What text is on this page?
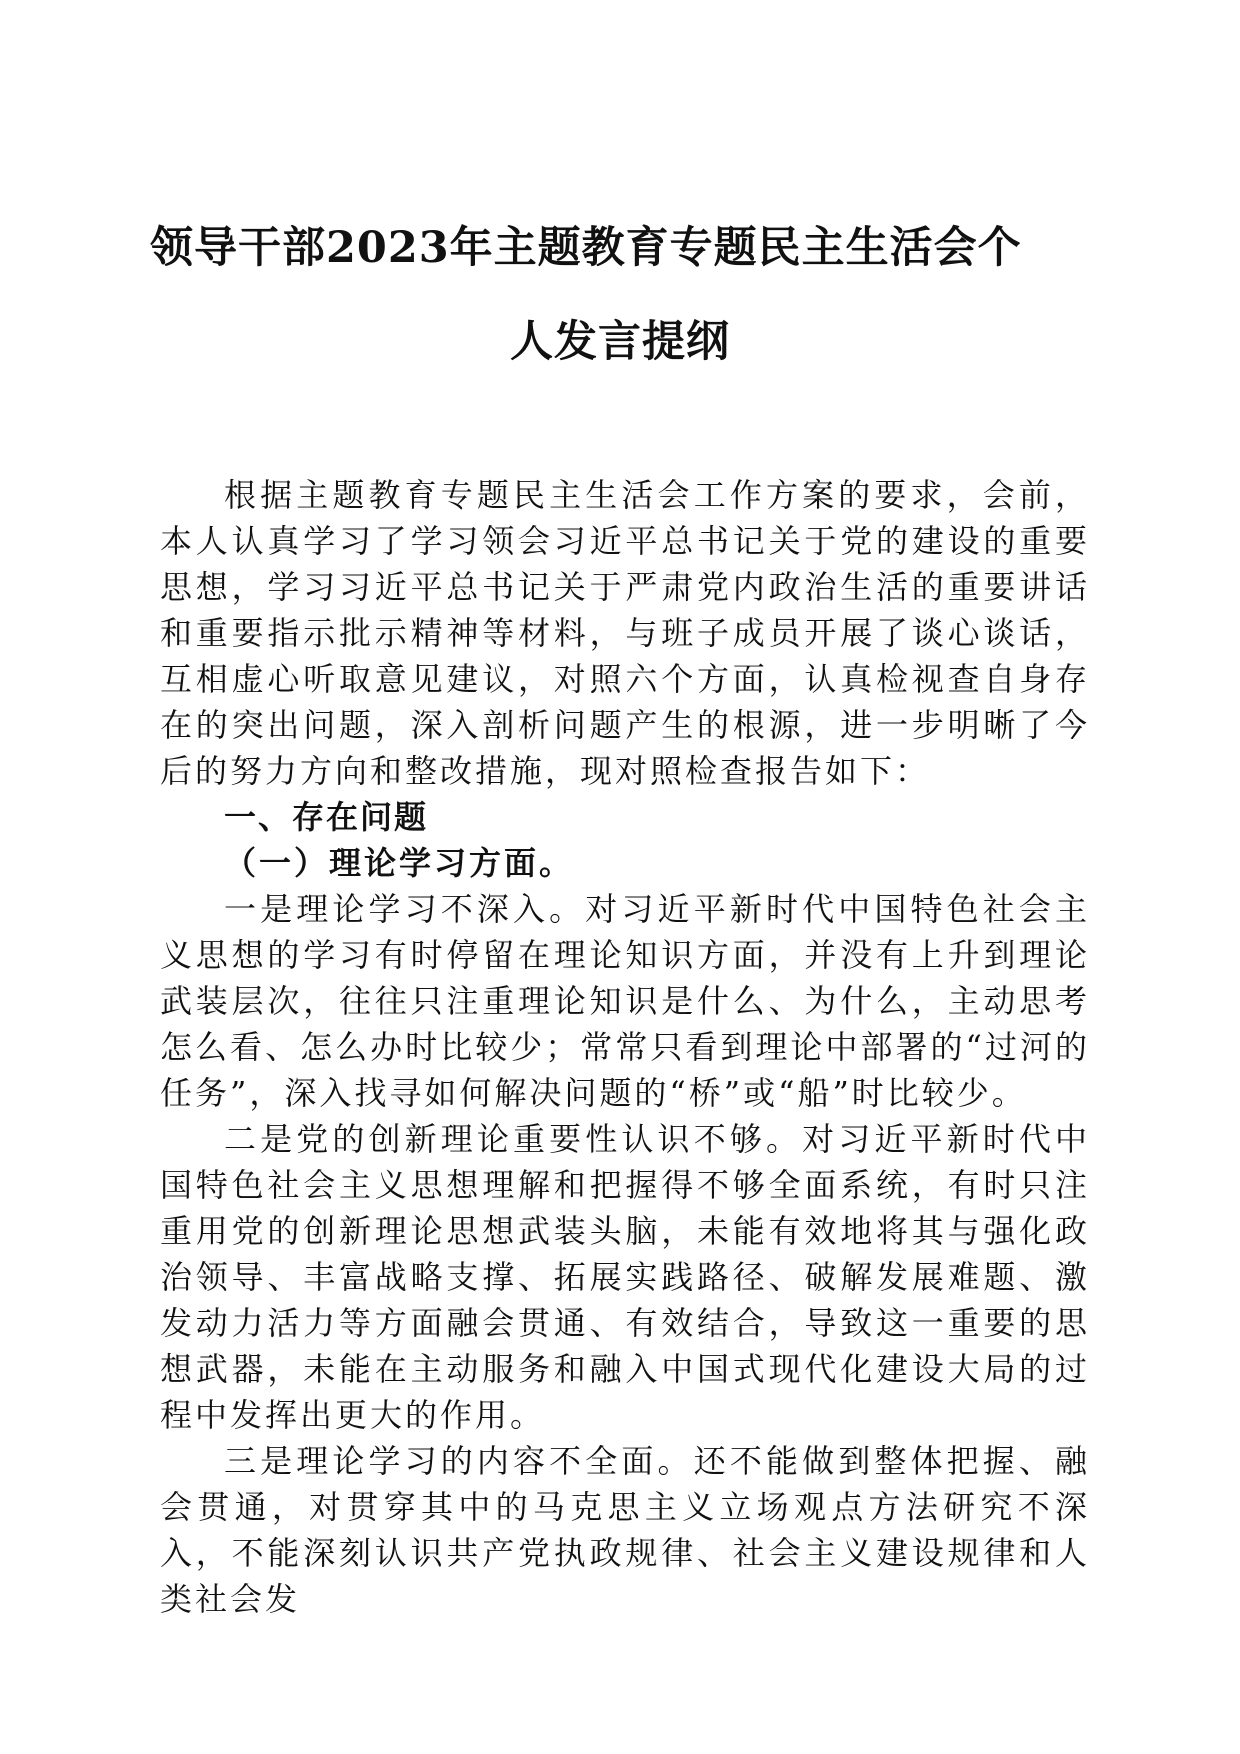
领导干部2023年主题教育专题民主生活会个
人发言提纲

根据主题教育专题民主生活会工作方案的要求，会前，本人认真学习了学习领会习近平总书记关于党的建设的重要思想，学习习近平总书记关于严肃党内政治生活的重要讲话和重要指示批示精神等材料，与班子成员开展了谈心谈话，互相虚心听取意见建议，对照六个方面，认真检视查自身存在的突出问题，深入剖析问题产生的根源，进一步明晰了今后的努力方向和整改措施，现对照检查报告如下：

一、存在问题

（一）理论学习方面。

一是理论学习不深入。对习近平新时代中国特色社会主义思想的学习有时停留在理论知识方面，并没有上升到理论武装层次，往往只注重理论知识是什么、为什么，主动思考怎么看、怎么办时比较少；常常只看到理论中部署的“过河的任务”，深入找寻如何解决问题的“桥”或“船”时比较少。

二是党的创新理论重要性认识不够。对习近平新时代中国特色社会主义思想理解和把握得不够全面系统，有时只注重用党的创新理论思想武装头脑，未能有效地将其与强化政治领导、丰富战略支撑、拓展实践路径、破解发展难题、激发动力活力等方面融会贯通、有效结合，导致这一重要的思想武器，未能在主动服务和融入中国式现代化建设大局的过程中发挥出更大的作用。

三是理论学习的内容不全面。还不能做到整体把握、融会贯通，对贯穿其中的马克思主义立场观点方法研究不深入，不能深刻认识共产党执政规律、社会主义建设规律和人类社会发
